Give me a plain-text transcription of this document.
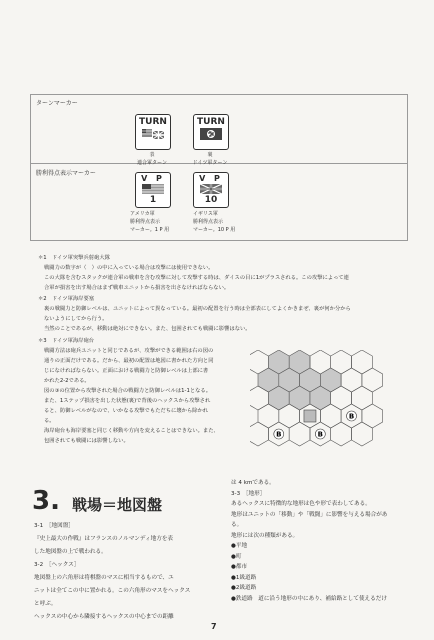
ターンマーカー
勝利得点表示マーカー
TURN
表
連合軍ターン
TURN
裏
ドイツ軍ターン
V P
1
アメリカ軍
勝利得点表示
マーカー。1 P 用
V P
10
イギリス軍
勝利得点表示
マーカー。10 P 用
＊1　ドイツ軍突撃兵射砲大隊
戦闘力の数字が（　）の中に入っている場合は攻撃には使用できない。
この大隊を含むスタックが連合軍の戦車を含む攻撃に対して攻撃する時は、ダイスの目に1がプラスされる。この攻撃によって連
合軍が損害を出す場合はまず戦車ユニットから損害を出さなければならない。
＊2　ドイツ軍海岸要塞
裏の戦闘力と防御レベルは、ユニットによって異なっている。最初の配置を行う時は全部表にしてよくかきまぜ、裏が何か分から
ないようにしてから行う。
当然のことであるが、移動は絶対にできない。また、包囲されても戦闘に影響はない。
＊3　ドイツ軍海岸砲台
戦闘方法は砲兵ユニットと同じであるが、攻撃ができる範囲は右の図の
通りの正面だけである。だから、最初の配置は地図に書かれた方向と同
じになければならない。正面における戦闘力と防御レベルは上部に書
かれた2-2である。
図の③の位置から攻撃された場合の戦闘力と防御レベルは1-1となる。
また、1ステップ損害を出した状態(裏)で背後のヘックスから攻撃され
ると、防御レベルがなので、いかなる攻撃でもただちに壊から除かれ
る。
海岸砲台も海岸要塞と同じく移動や方向を変えることはできない。また、
包囲されても戦闘には影響しない。
B	B
B
3. 戦場＝地図盤
3-1　［地図盤］
『史上最大の作戦』はフランスのノルマンディ地方を表
した地図盤の上で戦われる。
3-2　［ヘックス］
地図盤上の六角形は将棋盤のマスに相当するもので、ユ
ニットは全てこの中に置かれる。この六角形のマスをヘックス
と呼ぶ。
ヘックスの中心から隣接するヘックスの中心までの距離
は 4 kmである。
3-3　［地形］
あるヘックスに特徴的な地形は色や形で表わしてある。
地形はユニットの「移動」や「戦闘」に影響を与える場合があ
る。
地形には次の種類がある。
●平地
●町
●都市
●1級道路
●2級道路
●鉄道路　道に沿う地形の中にあり、補給路として使えるだけ
7
